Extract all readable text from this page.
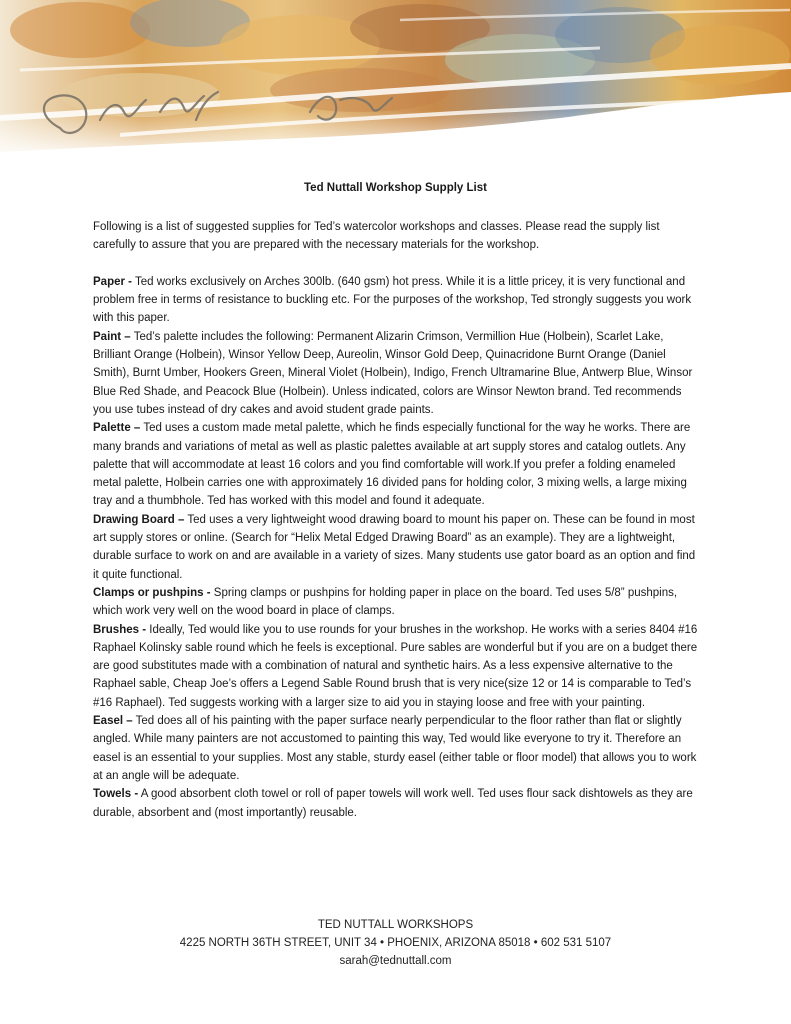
Ted Nuttall Workshop Supply List

Following is a list of suggested supplies for Ted’s watercolor workshops and classes. Please read the supply list carefully to assure that you are prepared with the necessary materials for the workshop.

Paper - Ted works exclusively on Arches 300lb. (640 gsm) hot press. While it is a little pricey, it is very functional and problem free in terms of resistance to buckling etc. For the purposes of the workshop, Ted strongly suggests you work with this paper.

Paint – Ted’s palette includes the following: Permanent Alizarin Crimson, Vermillion Hue (Holbein), Scarlet Lake, Brilliant Orange (Holbein), Winsor Yellow Deep, Aureolin, Winsor Gold Deep, Quinacridone Burnt Orange (Daniel Smith), Burnt Umber, Hookers Green, Mineral Violet (Holbein), Indigo, French Ultramarine Blue, Antwerp Blue, Winsor Blue Red Shade, and Peacock Blue (Holbein). Unless indicated, colors are Winsor Newton brand. Ted recommends you use tubes instead of dry cakes and avoid student grade paints.

Palette – Ted uses a custom made metal palette, which he finds especially functional for the way he works. There are many brands and variations of metal as well as plastic palettes available at art supply stores and catalog outlets. Any palette that will accommodate at least 16 colors and you find comfortable will work.If you prefer a folding enameled metal palette, Holbein carries one with approximately 16 divided pans for holding color, 3 mixing wells, a large mixing tray and a thumbhole. Ted has worked with this model and found it adequate.

Drawing Board – Ted uses a very lightweight wood drawing board to mount his paper on. These can be found in most art supply stores or online. (Search for “Helix Metal Edged Drawing Board” as an example). They are a lightweight, durable surface to work on and are available in a variety of sizes. Many students use gator board as an option and find it quite functional.

Clamps or pushpins - Spring clamps or pushpins for holding paper in place on the board. Ted uses 5/8” pushpins, which work very well on the wood board in place of clamps.

Brushes - Ideally, Ted would like you to use rounds for your brushes in the workshop. He works with a series 8404 #16 Raphael Kolinsky sable round which he feels is exceptional. Pure sables are wonderful but if you are on a budget there are good substitutes made with a combination of natural and synthetic hairs. As a less expensive alternative to the Raphael sable, Cheap Joe’s offers a Legend Sable Round brush that is very nice(size 12 or 14 is comparable to Ted’s #16 Raphael). Ted suggests working with a larger size to aid you in staying loose and free with your painting.

Easel – Ted does all of his painting with the paper surface nearly perpendicular to the floor rather than flat or slightly angled. While many painters are not accustomed to painting this way, Ted would like everyone to try it. Therefore an easel is an essential to your supplies. Most any stable, sturdy easel (either table or floor model) that allows you to work at an angle will be adequate.

Towels - A good absorbent cloth towel or roll of paper towels will work well. Ted uses flour sack dishtowels as they are durable, absorbent and (most importantly) reusable.

TED NUTTALL WORKSHOPS
4225 NORTH 36TH STREET, UNIT 34 • PHOENIX, ARIZONA 85018 • 602 531 5107
sarah@tednuttall.com
